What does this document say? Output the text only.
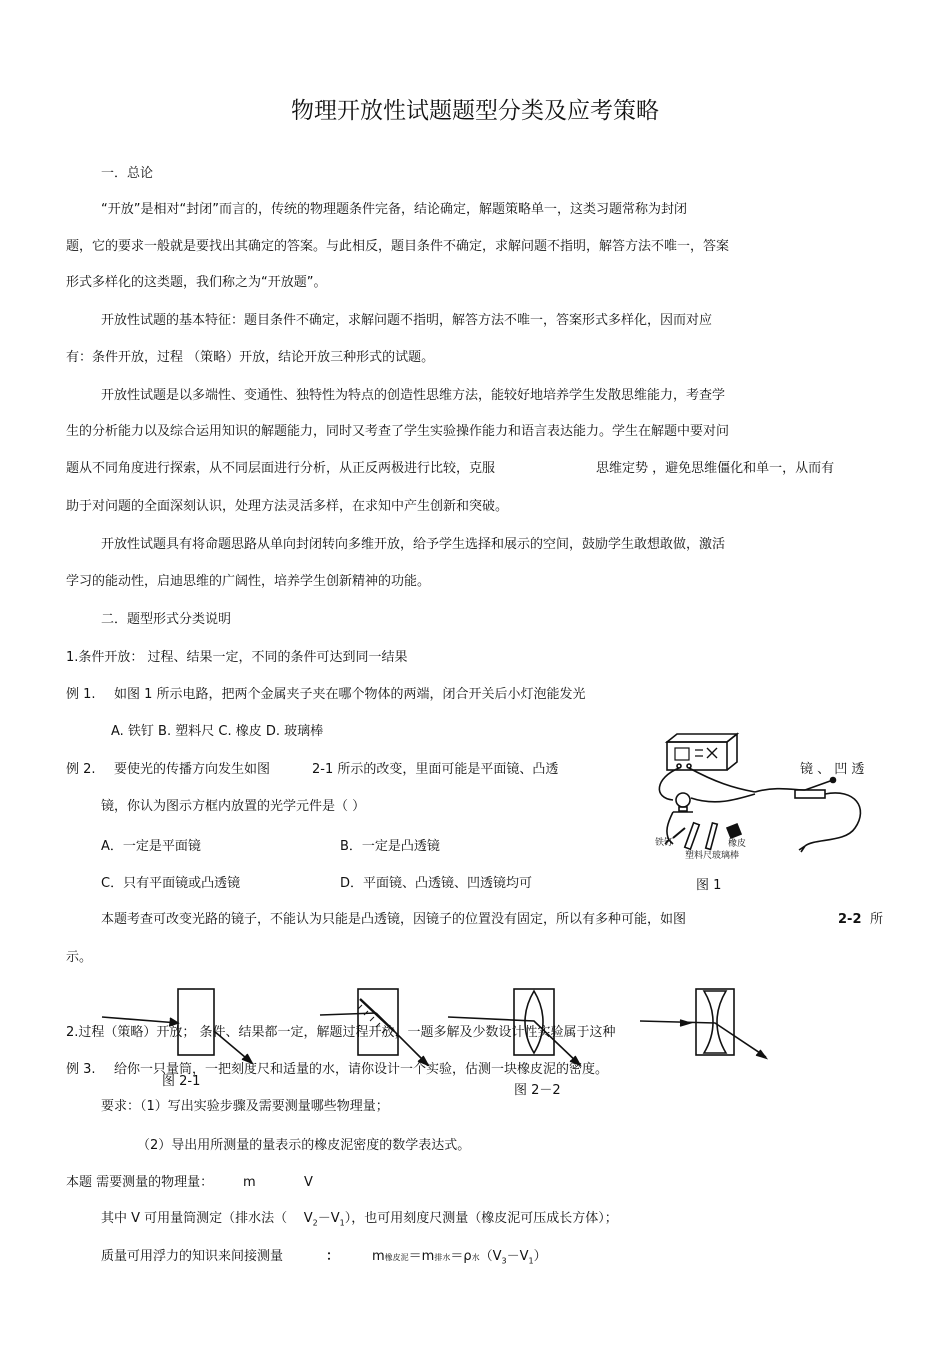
物理开放性试题题型分类及应考策略
一．总论
“开放”是相对“封闭”而言的，传统的物理题条件完备，结论确定，解题策略单一，这类习题常称为封闭
题，它的要求一般就是要找出其确定的答案。与此相反，题目条件不确定，求解问题不指明，解答方法不唯一，答案
形式多样化的这类题，我们称之为“开放题”。
开放性试题的基本特征：题目条件不确定，求解问题不指明，解答方法不唯一，答案形式多样化，因而对应
有：条件开放，过程 （策略）开放，结论开放三种形式的试题。
开放性试题是以多端性、变通性、独特性为特点的创造性思维方法，能较好地培养学生发散思维能力，考查学
生的分析能力以及综合运用知识的解题能力，同时又考查了学生实验操作能力和语言表达能力。学生在解题中要对问
题从不同角度进行探索，从不同层面进行分析，从正反两极进行比较，克服	思维定势 ，避免思维僵化和单一，从而有
助于对问题的全面深刻认识，处理方法灵活多样，在求知中产生创新和突破。
开放性试题具有将命题思路从单向封闭转向多维开放，给予学生选择和展示的空间，鼓励学生敢想敢做，激活
学习的能动性，启迪思维的广阔性，培养学生创新精神的功能。
二．题型形式分类说明
1.条件开放： 过程、结果一定，不同的条件可达到同一结果
例 1. 如图 1 所示电路，把两个金属夹子夹在哪个物体的两端，闭合开关后小灯泡能发光
A. 铁钉 B. 塑料尺 C. 橡皮 D. 玻璃棒
例 2. 要使光的传播方向发生如图	2-1 所示的改变，里面可能是平面镜、凸透	镜 、 凹 透
镜，你认为图示方框内放置的光学元件是（ ）
A．一定是平面镜	B．一定是凸透镜
C．只有平面镜或凸透镜	D．平面镜、凸透镜、凹透镜均可
本题考查可改变光路的镜子，不能认为只能是凸透镜，因镜子的位置没有固定，所以有多种可能，如图	2-2 所
示。
铁钉
塑料尺 玻璃棒
橡皮
图 1
2.过程（策略）开放； 条件、结果都一定，解题过程开放，一题多解及少数设计性实验属于这种
例 3. 给你一只量筒，一把刻度尺和适量的水，请你设计一个实验，估测一块橡皮泥的密度。
图 2-1
图 2－2
要求：（1）写出实验步骤及需要测量哪些物理量；
（2）导出用所测量的量表示的橡皮泥密度的数学表达式。
本题 需要测量的物理量： m	V
其中 V 可用量筒测定（排水法（ $V_2-V_1$），也可用刻度尺测量（橡皮泥可压成长方体）；
质量可用浮力的知识来间接测量	：	m橡皮泥＝m排水＝ρ水$(V_3-V_1)$
